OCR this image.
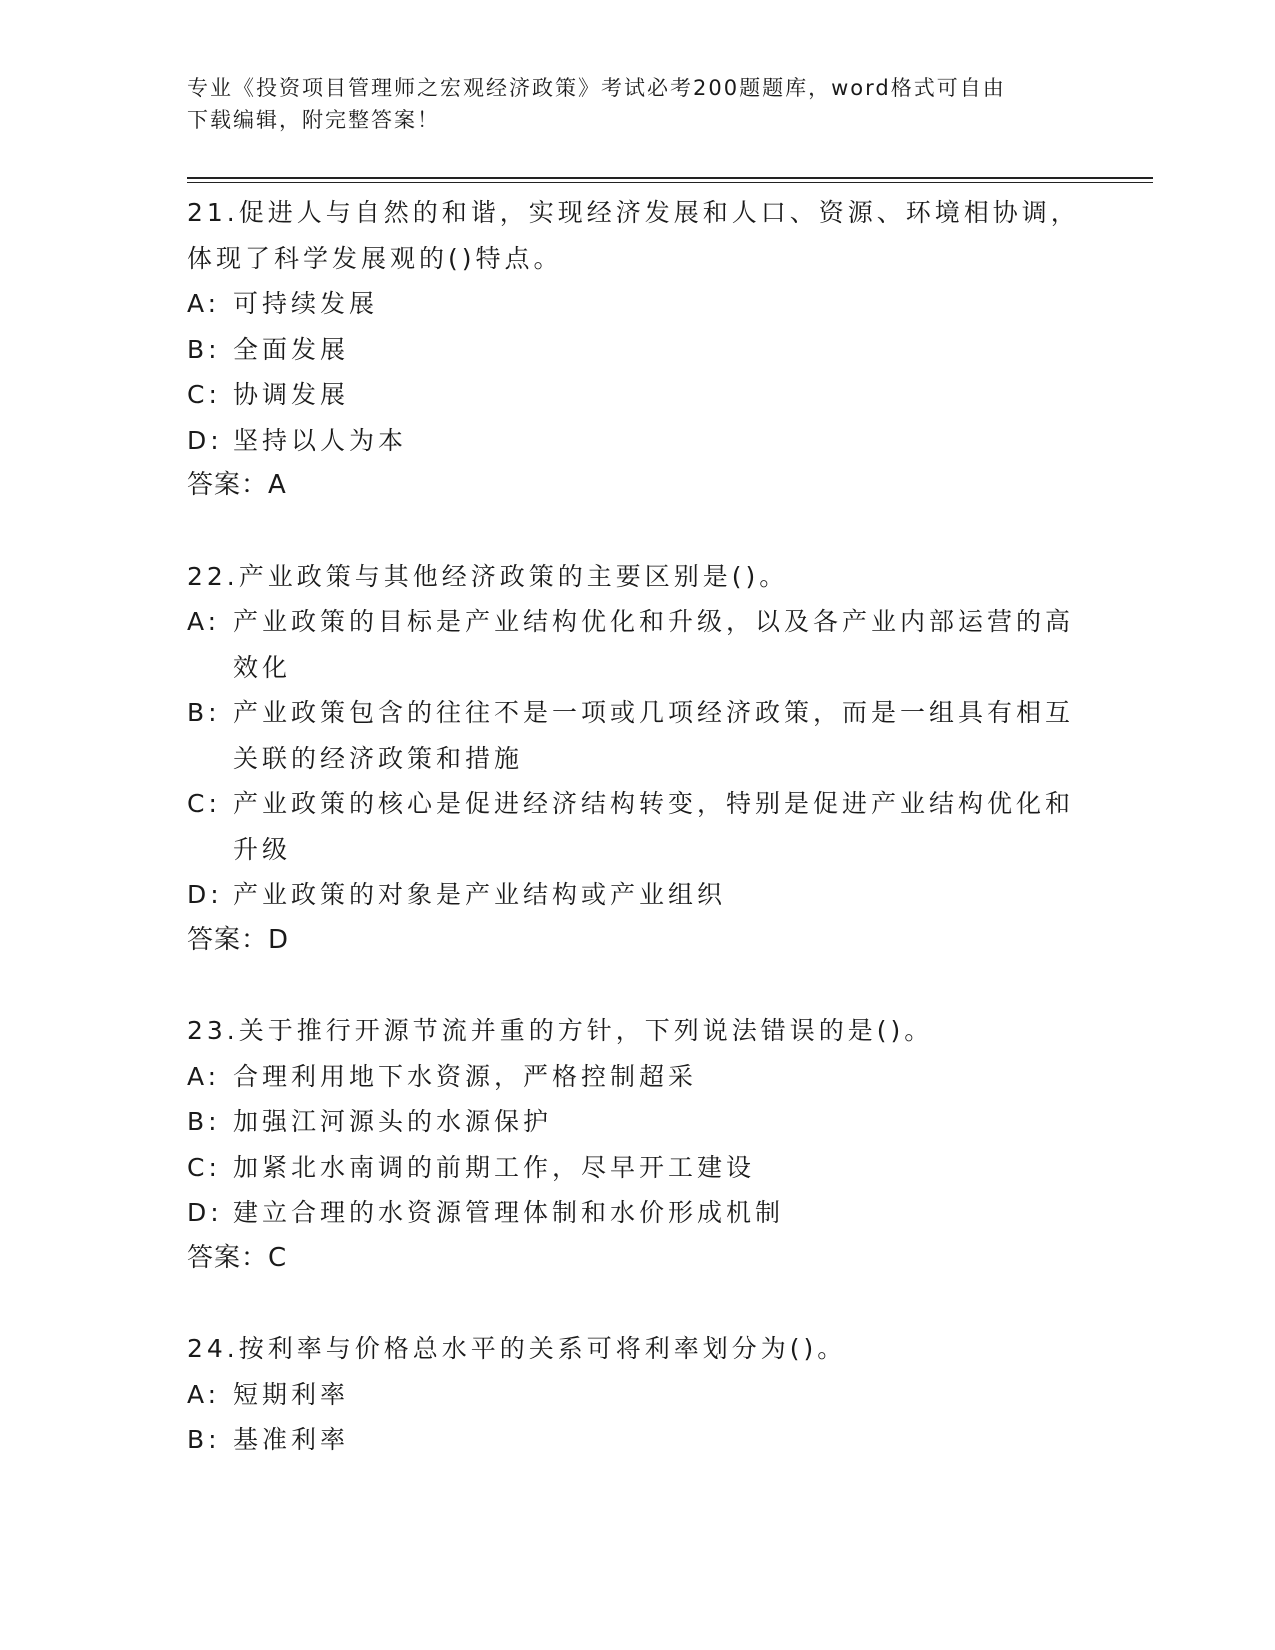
专业《投资项目管理师之宏观经济政策》考试必考200题题库，word格式可自由
下载编辑，附完整答案！
21.促进人与自然的和谐，实现经济发展和人口、资源、环境相协调，
体现了科学发展观的()特点。
A: 可持续发展
B: 全面发展
C: 协调发展
D: 坚持以人为本
答案：A
22.产业政策与其他经济政策的主要区别是()。
A: 产业政策的目标是产业结构优化和升级，以及各产业内部运营的高效化
B: 产业政策包含的往往不是一项或几项经济政策，而是一组具有相互关联的经济政策和措施
C: 产业政策的核心是促进经济结构转变，特别是促进产业结构优化和升级
D: 产业政策的对象是产业结构或产业组织
答案：D
23.关于推行开源节流并重的方针，下列说法错误的是()。
A: 合理利用地下水资源，严格控制超采
B: 加强江河源头的水源保护
C: 加紧北水南调的前期工作，尽早开工建设
D: 建立合理的水资源管理体制和水价形成机制
答案：C
24.按利率与价格总水平的关系可将利率划分为()。
A: 短期利率
B: 基准利率
